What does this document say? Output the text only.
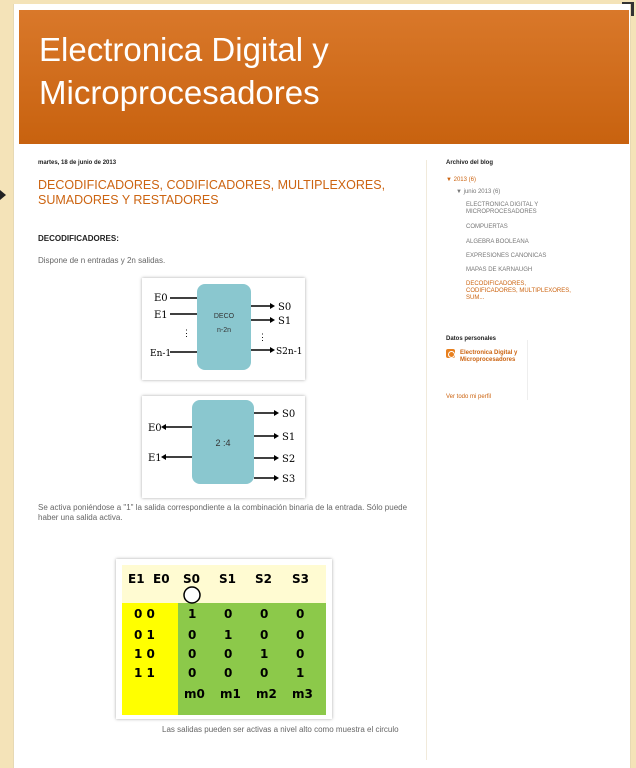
Electronica Digital y Microprocesadores
martes, 18 de junio de 2013
DECODIFICADORES, CODIFICADORES, MULTIPLEXORES, SUMADORES Y RESTADORES
DECODIFICADORES:
Dispone de n entradas y 2n salidas.
DECO
n-2n
⋮
E0
E1
En-1
⋮
S0
S1
S2n-1
2 :4
E0
E1
S0
S1
S2
S3
Se activa poniéndose a "1" la salida correspondiente a la combinación binaria de la entrada. Sólo puede haber una salida activa.
E1 E0 S0 S1 S2 S3
0 0	1 0 0 0
0 1	0 1 0 0
1 0	0 0 1 0
1 1	0 0 0 1
m0 m1 m2 m3
Las salidas pueden ser activas a nivel alto como muestra el circulo
Archivo del blog
▼ 2013 (6)
▼ junio 2013 (6)
ELECTRONICA DIGITAL Y MICROPROCESADORES
COMPUERTAS
ALGEBRA BOOLEANA
EXPRESIONES CANONICAS
MAPAS DE KARNAUGH
DECODIFICADORES, CODIFICADORES, MULTIPLEXORES, SUM...
Datos personales
Electronica Digital y Microprocesadores
Ver todo mi perfil
